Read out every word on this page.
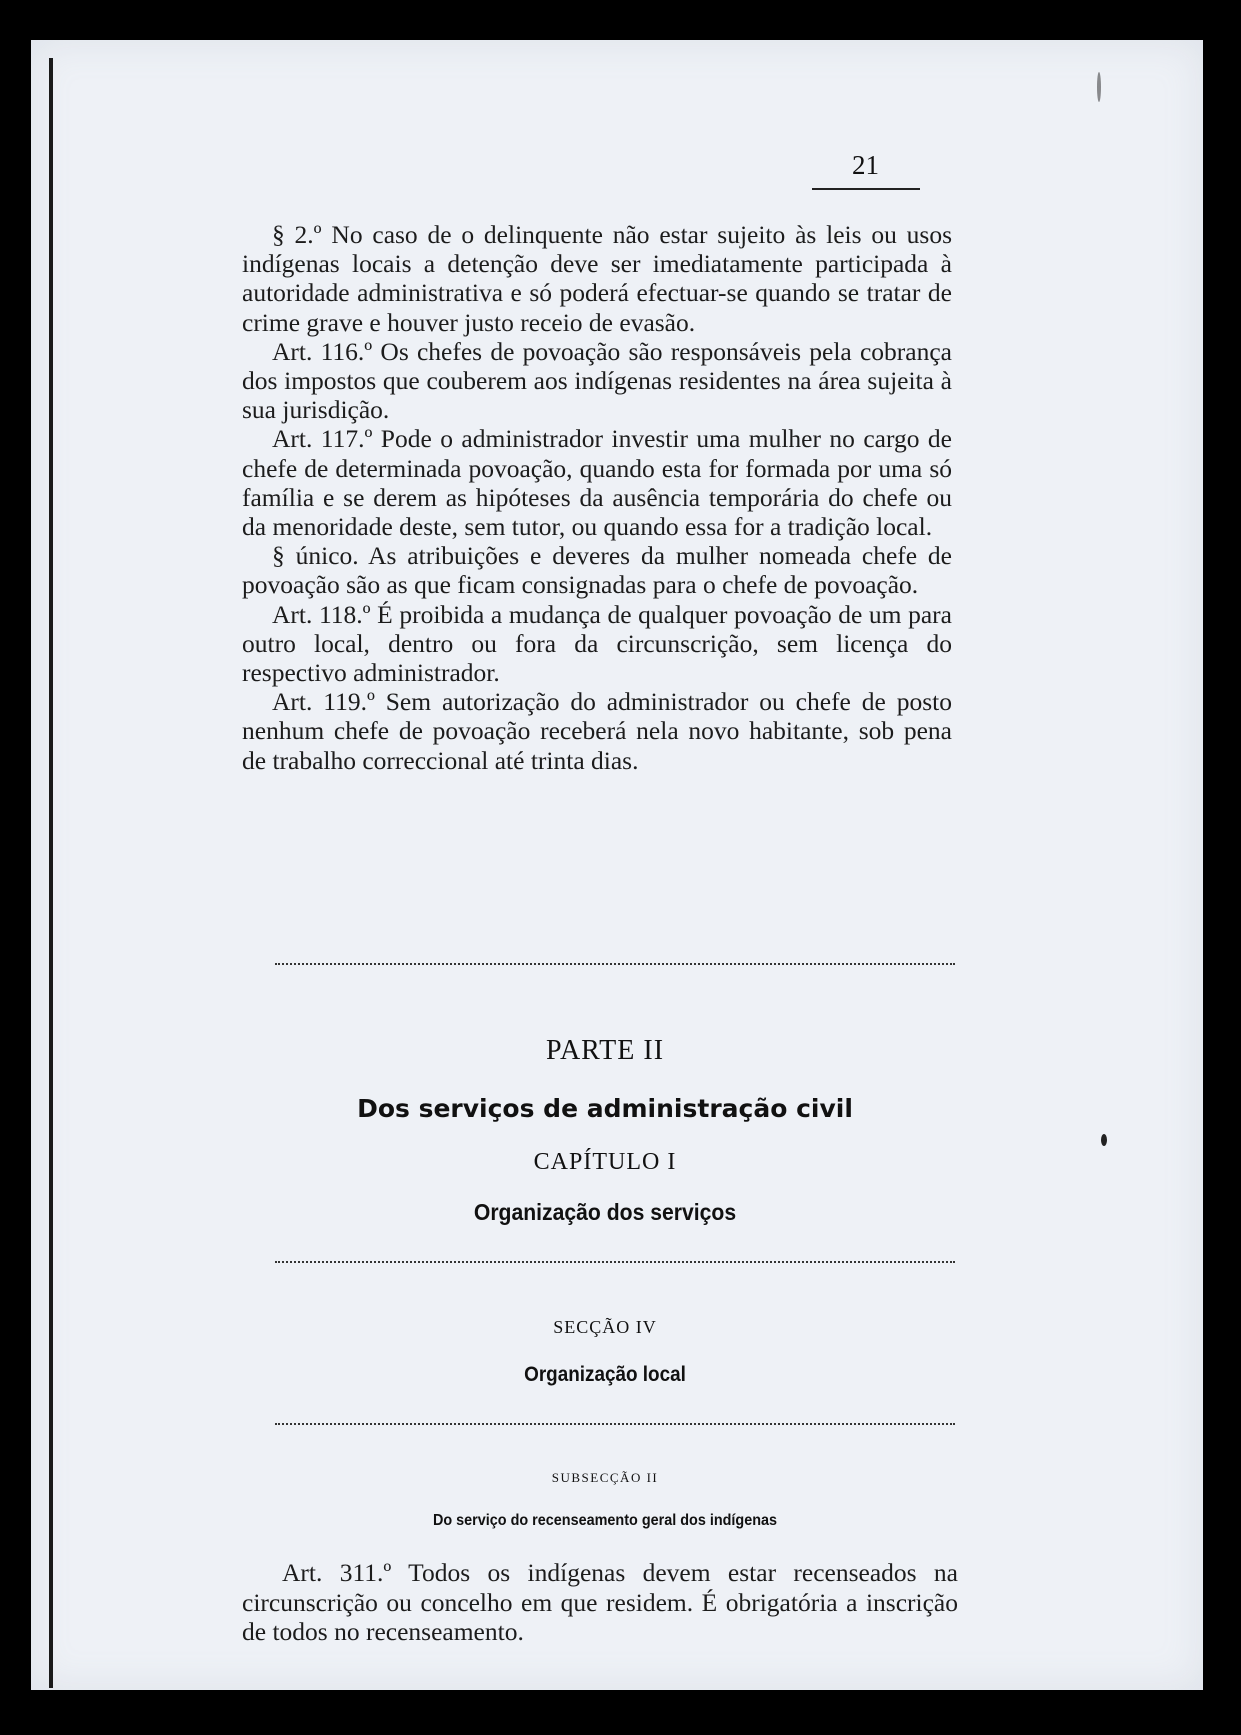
21

§ 2.º No caso de o delinquente não estar sujeito às leis ou usos indígenas locais a detenção deve ser imediatamente participada à autoridade administrativa e só poderá efectuar-se quando se tratar de crime grave e houver justo receio de evasão.

Art. 116.º Os chefes de povoação são responsáveis pela cobrança dos impostos que couberem aos indígenas residentes na área sujeita à sua jurisdição.

Art. 117.º Pode o administrador investir uma mulher no cargo de chefe de determinada povoação, quando esta for formada por uma só família e se derem as hipóteses da ausência temporária do chefe ou da menoridade deste, sem tutor, ou quando essa for a tradição local.

§ único. As atribuições e deveres da mulher nomeada chefe de povoação são as que ficam consignadas para o chefe de povoação.

Art. 118.º É proibida a mudança de qualquer povoação de um para outro local, dentro ou fora da circunscrição, sem licença do respectivo administrador.

Art. 119.º Sem autorização do administrador ou chefe de posto nenhum chefe de povoação receberá nela novo habitante, sob pena de trabalho correccional até trinta dias.

PARTE II
Dos serviços de administração civil
CAPÍTULO I
Organização dos serviços
SECÇÃO IV
Organização local
SUBSECÇÃO II
Do serviço do recenseamento geral dos indígenas

Art. 311.º Todos os indígenas devem estar recenseados na circunscrição ou concelho em que residem. É obrigatória a inscrição de todos no recenseamento.
